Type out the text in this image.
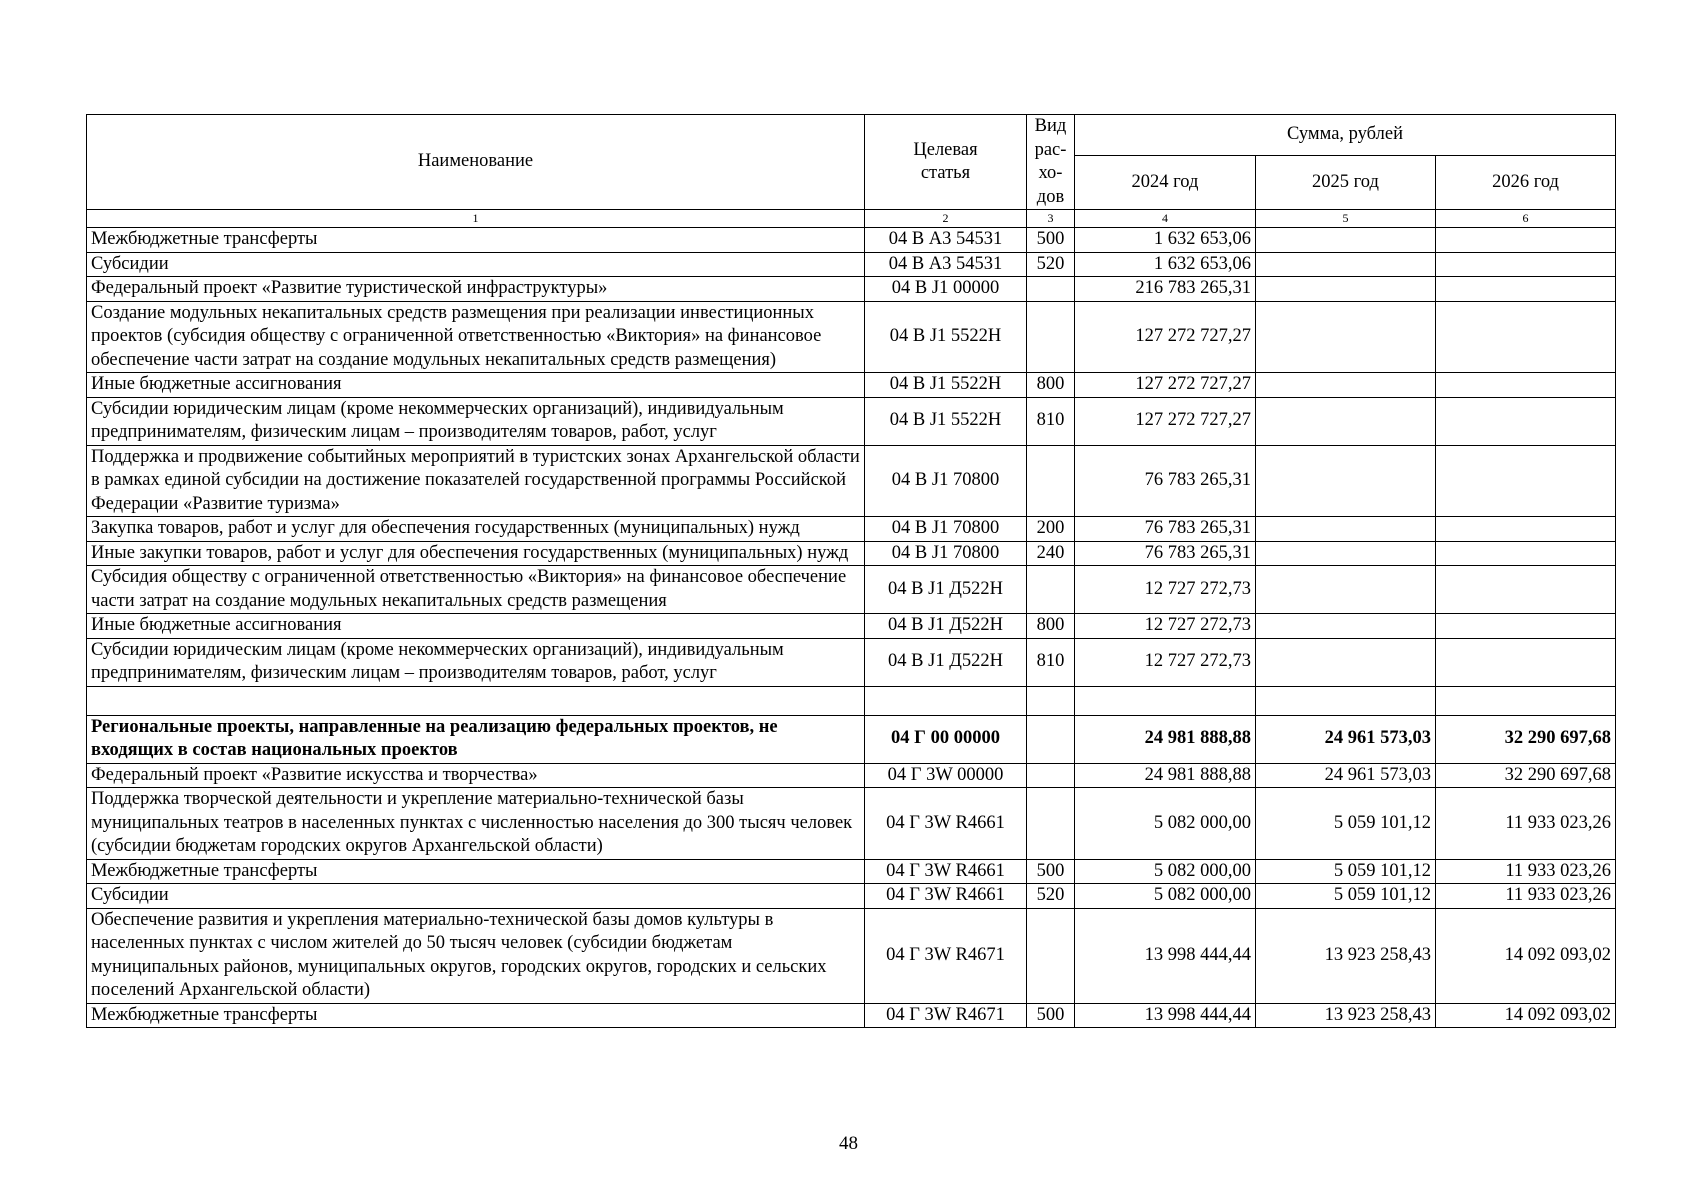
Наименование	Целевая статья	Вид рас- хо- дов	Сумма, рублей		
			2024 год	2025 год	2026 год
1	2	3	4	5	6
Межбюджетные трансферты	04 В А3 54531	500	1 632 653,06		
Субсидии	04 В А3 54531	520	1 632 653,06		
Федеральный проект «Развитие туристической инфраструктуры»	04 В J1 00000		216 783 265,31		
Создание модульных некапитальных средств размещения при реализации инвестиционных проектов (субсидия обществу с ограниченной ответственностью «Виктория» на финансовое обеспечение части затрат на создание модульных некапитальных средств размещения)	04 В J1 5522Н		127 272 727,27		
Иные бюджетные ассигнования	04 В J1 5522Н	800	127 272 727,27		
Субсидии юридическим лицам (кроме некоммерческих организаций), индивидуальным предпринимателям, физическим лицам – производителям товаров, работ, услуг	04 В J1 5522Н	810	127 272 727,27		
Поддержка и продвижение событийных мероприятий в туристских зонах Архангельской области в рамках единой субсидии на достижение показателей государственной программы Российской Федерации «Развитие туризма»	04 В J1 70800		76 783 265,31		
Закупка товаров, работ и услуг для обеспечения государственных (муниципальных) нужд	04 В J1 70800	200	76 783 265,31		
Иные закупки товаров, работ и услуг для обеспечения государственных (муниципальных) нужд	04 В J1 70800	240	76 783 265,31		
Субсидия обществу с ограниченной ответственностью «Виктория» на финансовое обеспечение части затрат на создание модульных некапитальных средств размещения	04 В J1 Д522Н		12 727 272,73		
Иные бюджетные ассигнования	04 В J1 Д522Н	800	12 727 272,73		
Субсидии юридическим лицам (кроме некоммерческих организаций), индивидуальным предпринимателям, физическим лицам – производителям товаров, работ, услуг	04 В J1 Д522Н	810	12 727 272,73		

Региональные проекты, направленные на реализацию федеральных проектов, не входящих в состав национальных проектов	04 Г 00 00000		24 981 888,88	24 961 573,03	32 290 697,68
Федеральный проект «Развитие искусства и творчества»	04 Г 3W 00000		24 981 888,88	24 961 573,03	32 290 697,68
Поддержка творческой деятельности и укрепление материально-технической базы муниципальных театров в населенных пунктах с численностью населения до 300 тысяч человек (субсидии бюджетам городских округов Архангельской области)	04 Г 3W R4661		5 082 000,00	5 059 101,12	11 933 023,26
Межбюджетные трансферты	04 Г 3W R4661	500	5 082 000,00	5 059 101,12	11 933 023,26
Субсидии	04 Г 3W R4661	520	5 082 000,00	5 059 101,12	11 933 023,26
Обеспечение развития и укрепления материально-технической базы домов культуры в населенных пунктах с числом жителей до 50 тысяч человек (субсидии бюджетам муниципальных районов, муниципальных округов, городских округов, городских и сельских поселений Архангельской области)	04 Г 3W R4671		13 998 444,44	13 923 258,43	14 092 093,02
Межбюджетные трансферты	04 Г 3W R4671	500	13 998 444,44	13 923 258,43	14 092 093,02
48
